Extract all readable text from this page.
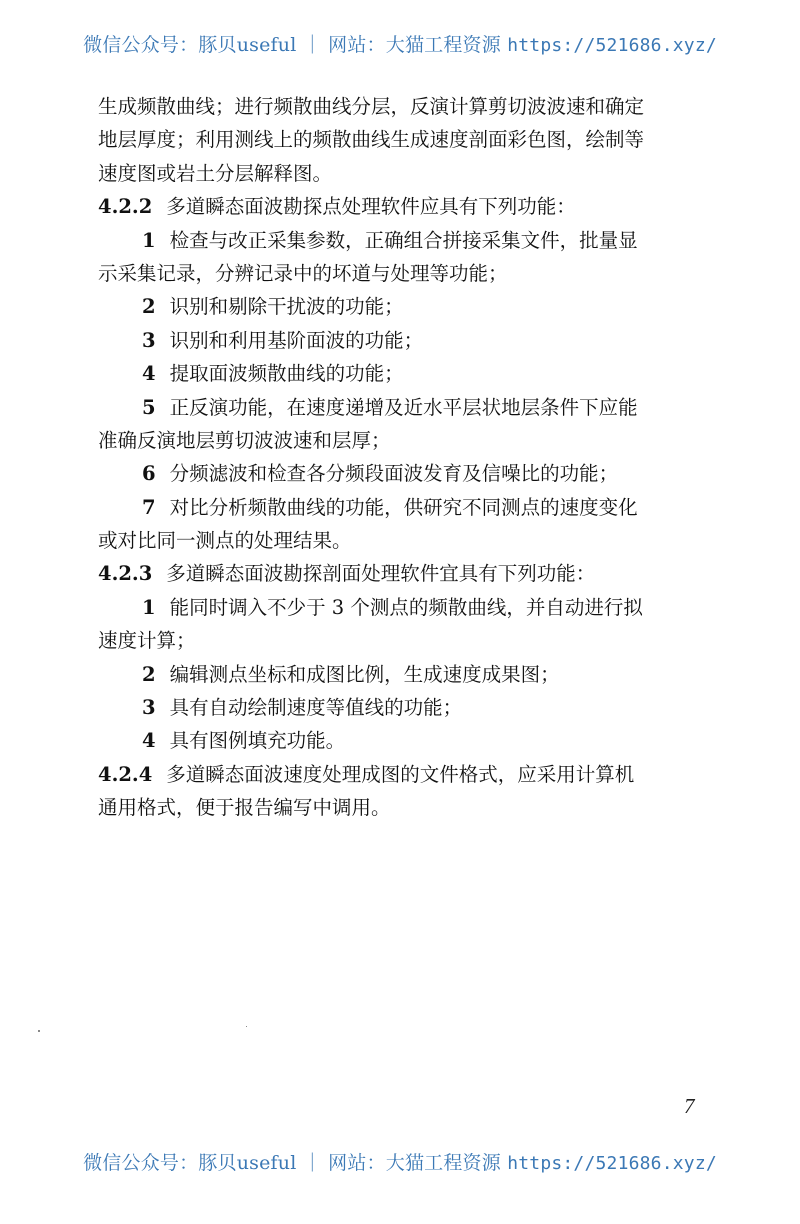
微信公众号：豚贝useful ｜ 网站：大猫工程资源 https://521686.xyz/
生成频散曲线；进行频散曲线分层，反演计算剪切波波速和确定
地层厚度；利用测线上的频散曲线生成速度剖面彩色图，绘制等
速度图或岩土分层解释图。
4.2.2 多道瞬态面波勘探点处理软件应具有下列功能：
1 检查与改正采集参数，正确组合拼接采集文件，批量显
示采集记录，分辨记录中的坏道与处理等功能；
2 识别和剔除干扰波的功能；
3 识别和利用基阶面波的功能；
4 提取面波频散曲线的功能；
5 正反演功能，在速度递增及近水平层状地层条件下应能
准确反演地层剪切波波速和层厚；
6 分频滤波和检查各分频段面波发育及信噪比的功能；
7 对比分析频散曲线的功能，供研究不同测点的速度变化
或对比同一测点的处理结果。
4.2.3 多道瞬态面波勘探剖面处理软件宜具有下列功能：
1 能同时调入不少于 3 个测点的频散曲线，并自动进行拟
速度计算；
2 编辑测点坐标和成图比例，生成速度成果图；
3 具有自动绘制速度等值线的功能；
4 具有图例填充功能。
4.2.4 多道瞬态面波速度处理成图的文件格式，应采用计算机
通用格式，便于报告编写中调用。
7
微信公众号：豚贝useful ｜ 网站：大猫工程资源 https://521686.xyz/
